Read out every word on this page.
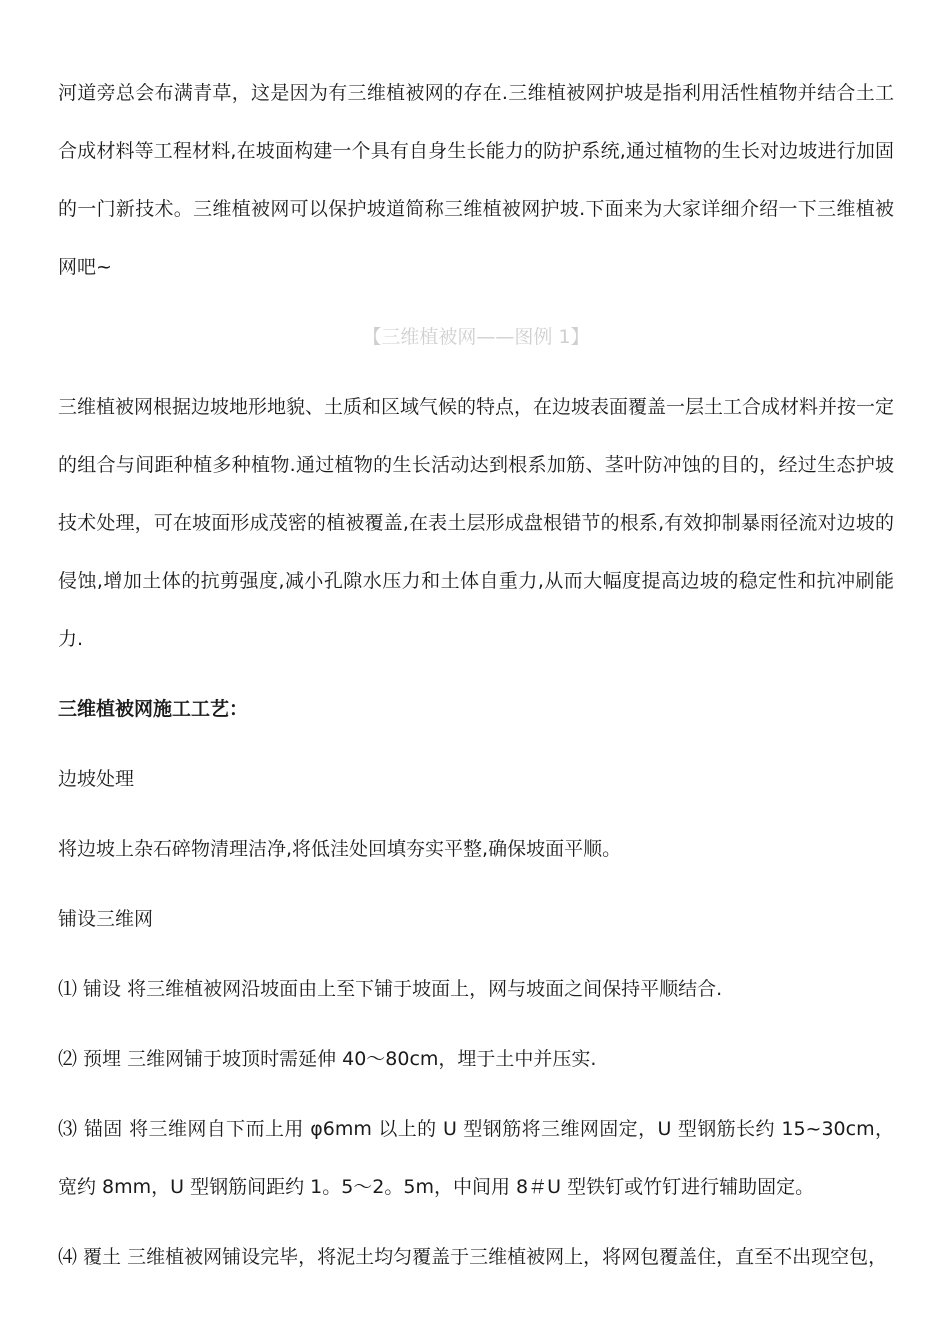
河道旁总会布满青草，这是因为有三维植被网的存在.三维植被网护坡是指利用活性植物并结合土工合成材料等工程材料,在坡面构建一个具有自身生长能力的防护系统,通过植物的生长对边坡进行加固的一门新技术。三维植被网可以保护坡道简称三维植被网护坡.下面来为大家详细介绍一下三维植被网吧~

【三维植被网——图例 1】

三维植被网根据边坡地形地貌、土质和区域气候的特点，在边坡表面覆盖一层土工合成材料并按一定的组合与间距种植多种植物.通过植物的生长活动达到根系加筋、茎叶防冲蚀的目的，经过生态护坡技术处理，可在坡面形成茂密的植被覆盖,在表土层形成盘根错节的根系,有效抑制暴雨径流对边坡的侵蚀,增加土体的抗剪强度,减小孔隙水压力和土体自重力,从而大幅度提高边坡的稳定性和抗冲刷能力.

三维植被网施工工艺：

边坡处理

将边坡上杂石碎物清理洁净,将低洼处回填夯实平整,确保坡面平顺。

铺设三维网

⑴ 铺设 将三维植被网沿坡面由上至下铺于坡面上，网与坡面之间保持平顺结合.

⑵ 预埋 三维网铺于坡顶时需延伸 40～80cm，埋于土中并压实.

⑶ 锚固 将三维网自下而上用 φ6mm 以上的 U 型钢筋将三维网固定，U 型钢筋长约 15~30cm，宽约 8mm，U 型钢筋间距约 1。5～2。5m，中间用 8＃U 型铁钉或竹钉进行辅助固定。

⑷ 覆土 三维植被网铺设完毕，将泥土均匀覆盖于三维植被网上，将网包覆盖住，直至不出现空包，
